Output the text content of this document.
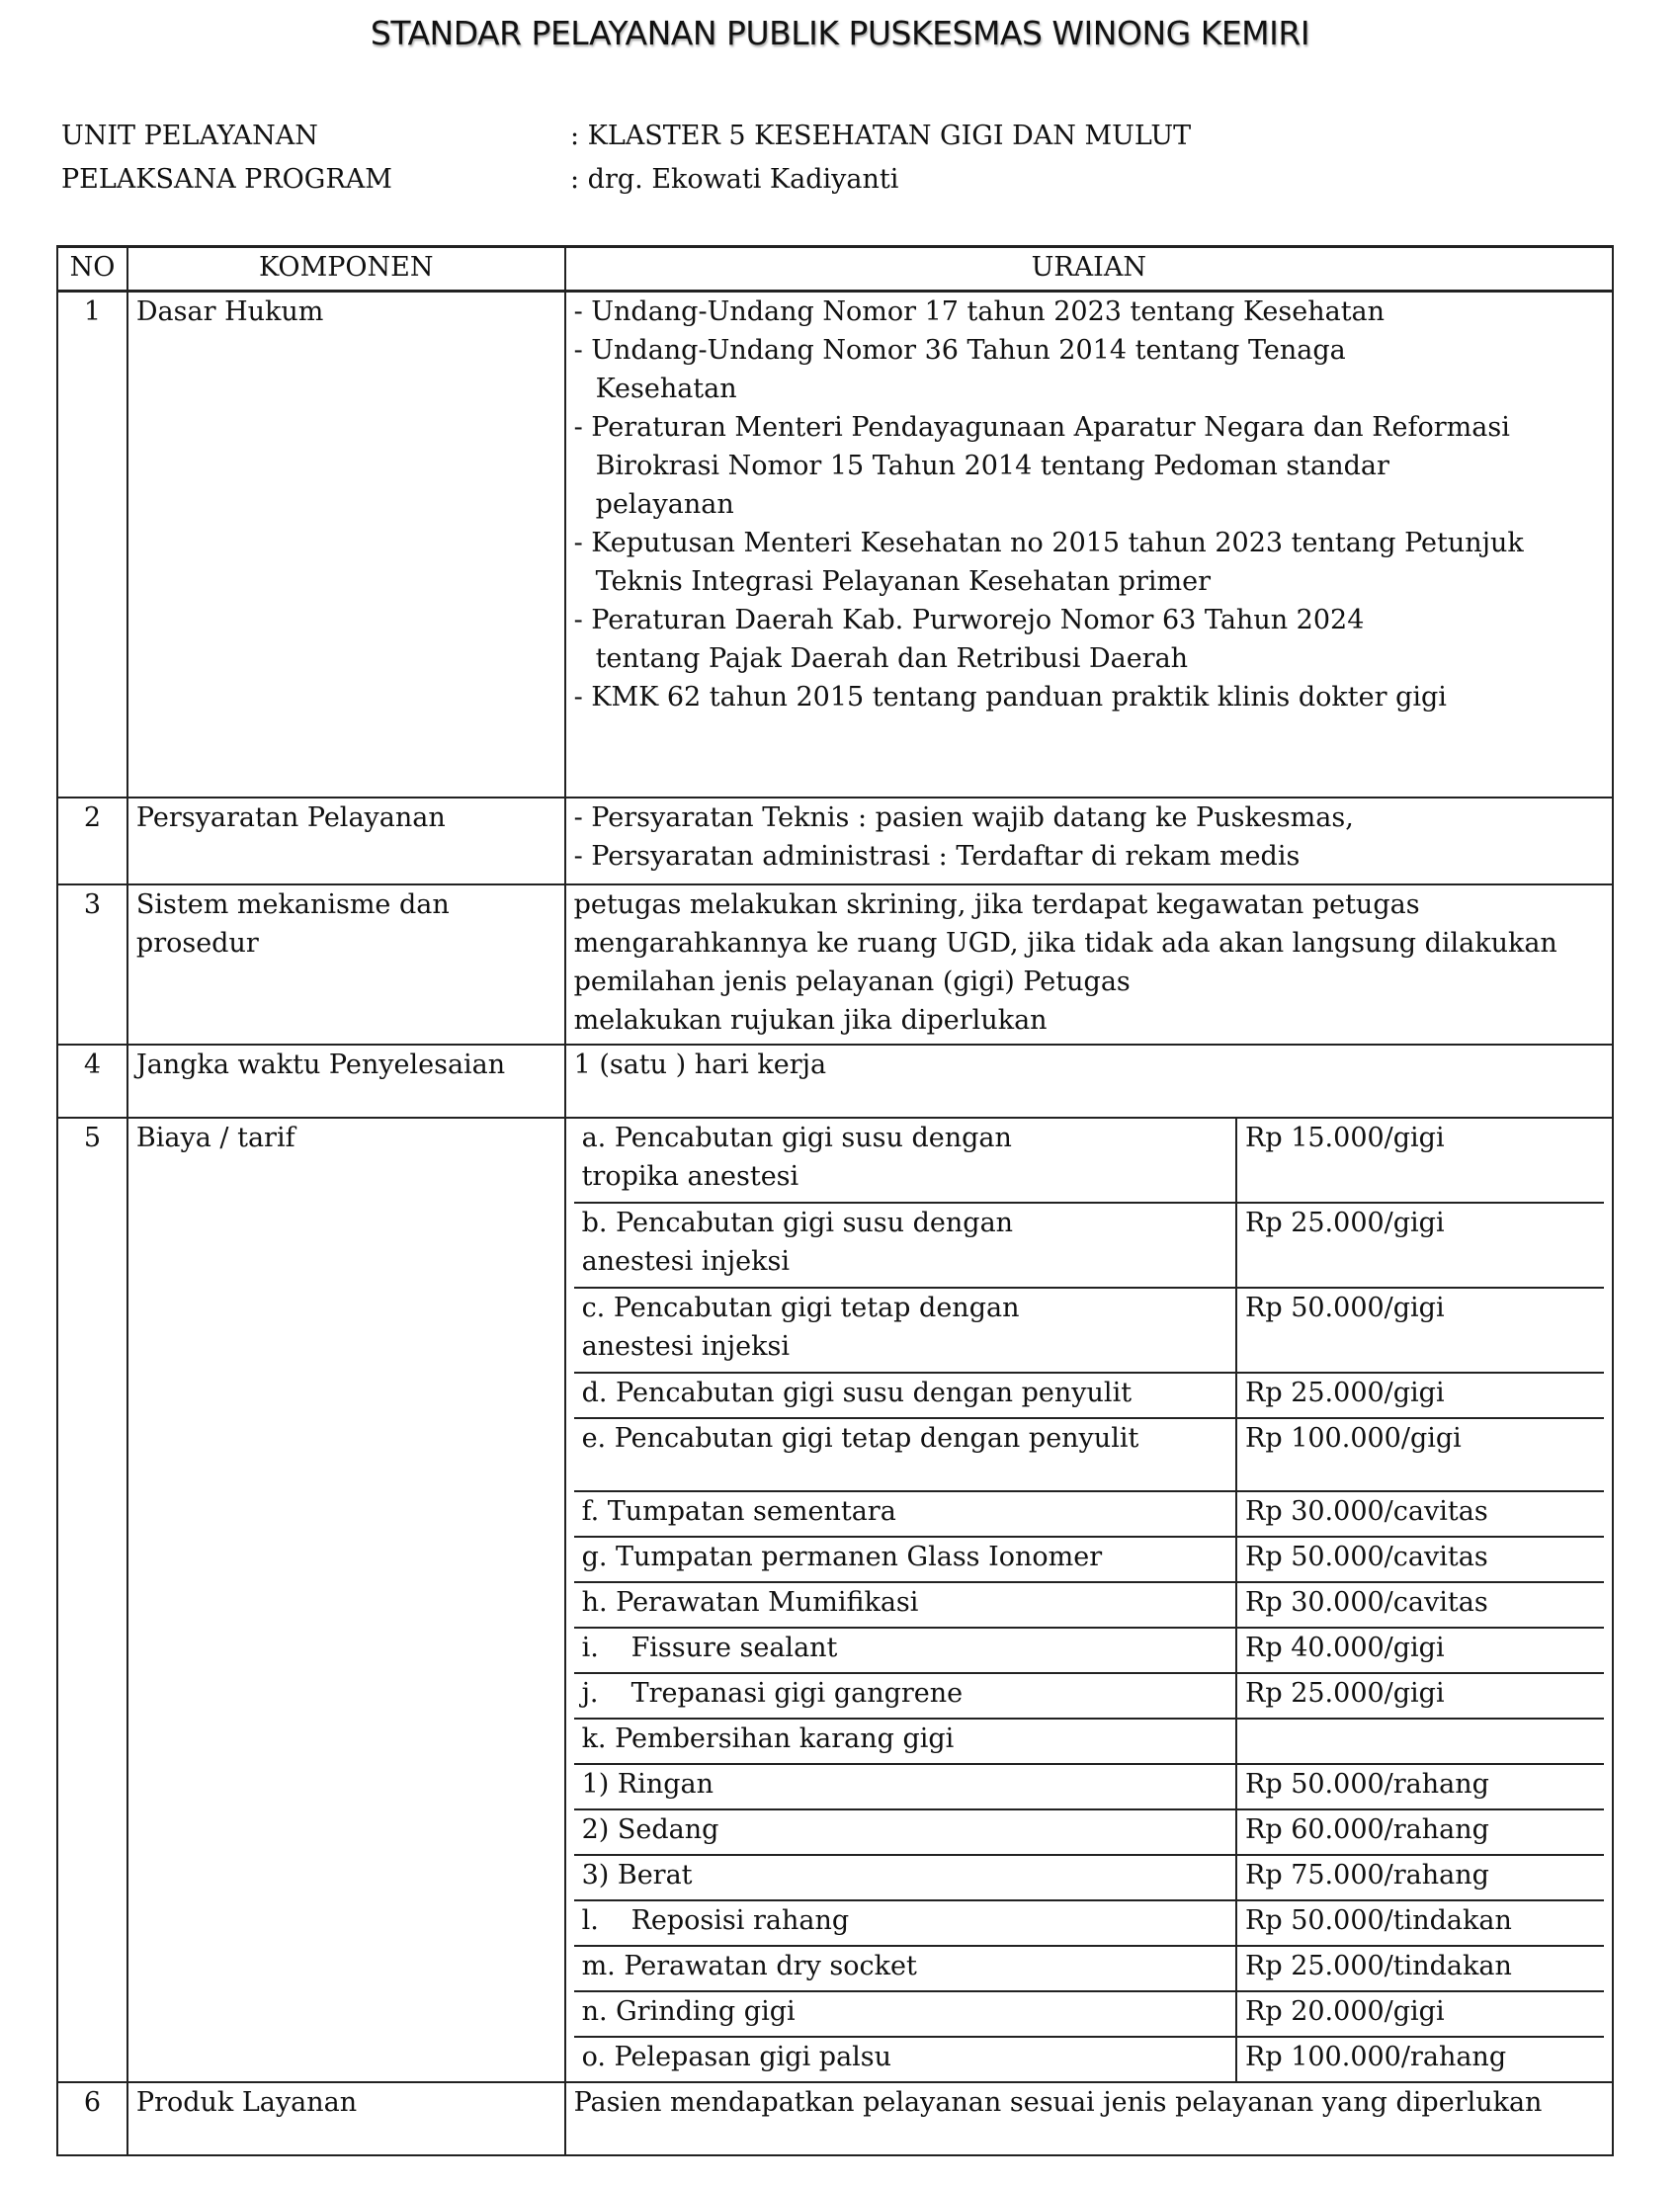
STANDAR PELAYANAN PUBLIK PUSKESMAS WINONG KEMIRI
UNIT PELAYANAN	: KLASTER 5 KESEHATAN GIGI DAN MULUT
PELAKSANA PROGRAM	: drg. Ekowati Kadiyanti
NO	KOMPONEN	URAIAN
1	Dasar Hukum	- Undang-Undang Nomor 17 tahun 2023 tentang Kesehatan
- Undang-Undang Nomor 36 Tahun 2014 tentang Tenaga
Kesehatan
- Peraturan Menteri Pendayagunaan Aparatur Negara dan Reformasi
Birokrasi Nomor 15 Tahun 2014 tentang Pedoman standar
pelayanan
- Keputusan Menteri Kesehatan no 2015 tahun 2023 tentang Petunjuk
Teknis Integrasi Pelayanan Kesehatan primer
- Peraturan Daerah Kab. Purworejo Nomor 63 Tahun 2024
tentang Pajak Daerah dan Retribusi Daerah
- KMK 62 tahun 2015 tentang panduan praktik klinis dokter gigi

2	Persyaratan Pelayanan	- Persyaratan Teknis : pasien wajib datang ke Puskesmas,
- Persyaratan administrasi : Terdaftar di rekam medis

3	Sistem mekanisme dan
prosedur

petugas melakukan skrining, jika terdapat kegawatan petugas
mengarahkannya ke ruang UGD, jika tidak ada akan langsung dilakukan
pemilahan jenis pelayanan (gigi) Petugas
melakukan rujukan jika diperlukan

4	Jangka waktu Penyelesaian	1 (satu ) hari kerja
5	Biaya / tarif		a. Pencabutan gigi susu dengan
tropika anestesi
	Rp 15.000/gigi

b. Pencabutan gigi susu dengan
anestesi injeksi
	Rp 25.000/gigi

c. Pencabutan gigi tetap dengan
anestesi injeksi
	Rp 50.000/gigi
d. Pencabutan gigi susu dengan penyulit	Rp 25.000/gigi
e. Pencabutan gigi tetap dengan penyulit	Rp 100.000/gigi
f. Tumpatan sementara	Rp 30.000/cavitas
g. Tumpatan permanen Glass Ionomer	Rp 50.000/cavitas
h. Perawatan Mumifikasi	Rp 30.000/cavitas
i. Fissure sealant	Rp 40.000/gigi
j. Trepanasi gigi gangrene	Rp 25.000/gigi
k. Pembersihan karang gigi	
1) Ringan	Rp 50.000/rahang
2) Sedang	Rp 60.000/rahang
3) Berat	Rp 75.000/rahang
l. Reposisi rahang	Rp 50.000/tindakan
m. Perawatan dry socket	Rp 25.000/tindakan
n. Grinding gigi	Rp 20.000/gigi
o. Pelepasan gigi palsu	Rp 100.000/rahang

6	Produk Layanan	Pasien mendapatkan pelayanan sesuai jenis pelayanan yang diperlukan
